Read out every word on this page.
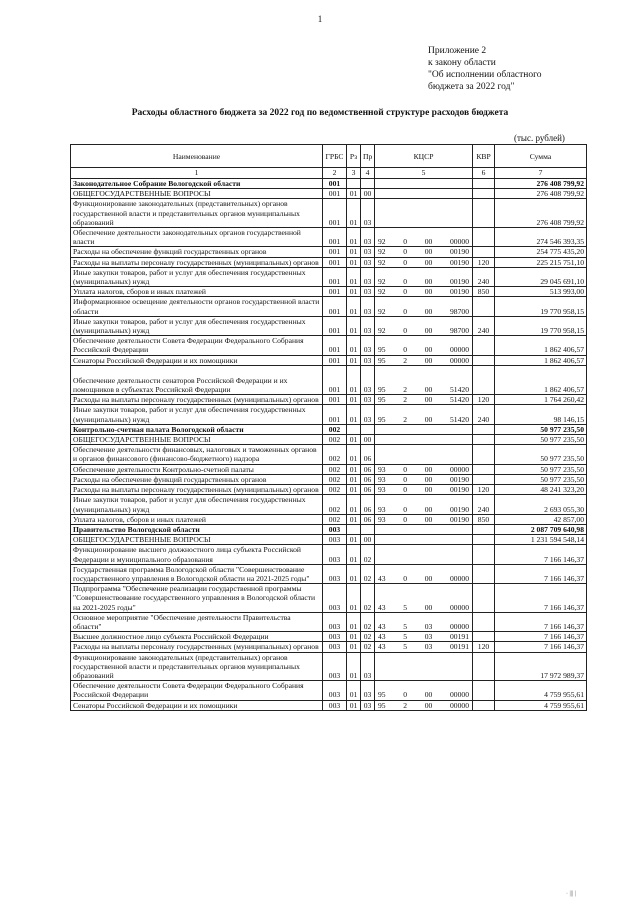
1
Приложение 2
к закону области
"Об исполнении областного
бюджета за 2022 год"
Расходы областного бюджета за 2022 год по ведомственной структуре расходов бюджета
(тыс. рублей)
Наименование	ГРБС	Рз	Пр	КЦСР	КВР	Сумма
1	2	3	4	5	6	7
Законодательное Собрание Вологодской области	001					276 408 799,92
ОБЩЕГОСУДАРСТВЕННЫЕ ВОПРОСЫ	001	01	00			276 408 799,92
Функционирование законодательных (представительных) органов государственной власти и представительных органов муниципальных образований	001	01	03			276 408 799,92
Обеспечение деятельности законодательных органов государственной власти	001	01	03	92 0 00 00000		274 546 393,35
Расходы на обеспечение функций государственных органов	001	01	03	92 0 00 00190		254 775 435,20
Расходы на выплаты персоналу государственных (муниципальных) органов	001	01	03	92 0 00 00190	120	225 215 751,10
Иные закупки товаров, работ и услуг для обеспечения государственных (муниципальных) нужд	001	01	03	92 0 00 00190	240	29 045 691,10
Уплата налогов, сборов и иных платежей	001	01	03	92 0 00 00190	850	513 993,00
Информационное освещение деятельности органов государственной власти области	001	01	03	92 0 00 98700		19 770 958,15
Иные закупки товаров, работ и услуг для обеспечения государственных (муниципальных) нужд	001	01	03	92 0 00 98700	240	19 770 958,15
Обеспечение деятельности Совета Федерации Федерального Собрания Российской Федерации	001	01	03	95 0 00 00000		1 862 406,57
Сенаторы Российской Федерации и их помощники	001	01	03	95 2 00 00000		1 862 406,57
Обеспечение деятельности сенаторов Российской Федерации и их помощников в субъектах Российской Федерации	001	01	03	95 2 00 51420		1 862 406,57
Расходы на выплаты персоналу государственных (муниципальных) органов	001	01	03	95 2 00 51420	120	1 764 260,42
Иные закупки товаров, работ и услуг для обеспечения государственных (муниципальных) нужд	001	01	03	95 2 00 51420	240	98 146,15
Контрольно-счетная палата Вологодской области	002					50 977 235,50
ОБЩЕГОСУДАРСТВЕННЫЕ ВОПРОСЫ	002	01	00			50 977 235,50
Обеспечение деятельности финансовых, налоговых и таможенных органов и органов финансового (финансово-бюджетного) надзора	002	01	06			50 977 235,50
Обеспечение деятельности Контрольно-счетной палаты	002	01	06	93 0 00 00000		50 977 235,50
Расходы на обеспечение функций государственных органов	002	01	06	93 0 00 00190		50 977 235,50
Расходы на выплаты персоналу государственных (муниципальных) органов	002	01	06	93 0 00 00190	120	48 241 323,20
Иные закупки товаров, работ и услуг для обеспечения государственных (муниципальных) нужд	002	01	06	93 0 00 00190	240	2 693 055,30
Уплата налогов, сборов и иных платежей	002	01	06	93 0 00 00190	850	42 857,00
Правительство Вологодской области	003					2 087 709 640,98
ОБЩЕГОСУДАРСТВЕННЫЕ ВОПРОСЫ	003	01	00			1 231 594 548,14
Функционирование высшего должностного лица субъекта Российской Федерации и муниципального образования	003	01	02			7 166 146,37
Государственная программа Вологодской области "Совершенствование государственного управления в Вологодской области на 2021-2025 годы"	003	01	02	43 0 00 00000		7 166 146,37
Подпрограмма "Обеспечение реализации государственной программы "Совершенствование государственного управления в Вологодской области на 2021-2025 годы"	003	01	02	43 5 00 00000		7 166 146,37
Основное мероприятие "Обеспечение деятельности Правительства области"	003	01	02	43 5 03 00000		7 166 146,37
Высшее должностное лицо субъекта Российской Федерации	003	01	02	43 5 03 00191		7 166 146,37
Расходы на выплаты персоналу государственных (муниципальных) органов	003	01	02	43 5 03 00191	120	7 166 146,37
Функционирование законодательных (представительных) органов государственной власти и представительных органов муниципальных образований	003	01	03			17 972 989,37
Обеспечение деятельности Совета Федерации Федерального Собрания Российской Федерации	003	01	03	95 0 00 00000		4 759 955,61
Сенаторы Российской Федерации и их помощники	003	01	03	95 2 00 00000		4 759 955,61
· ||| |
